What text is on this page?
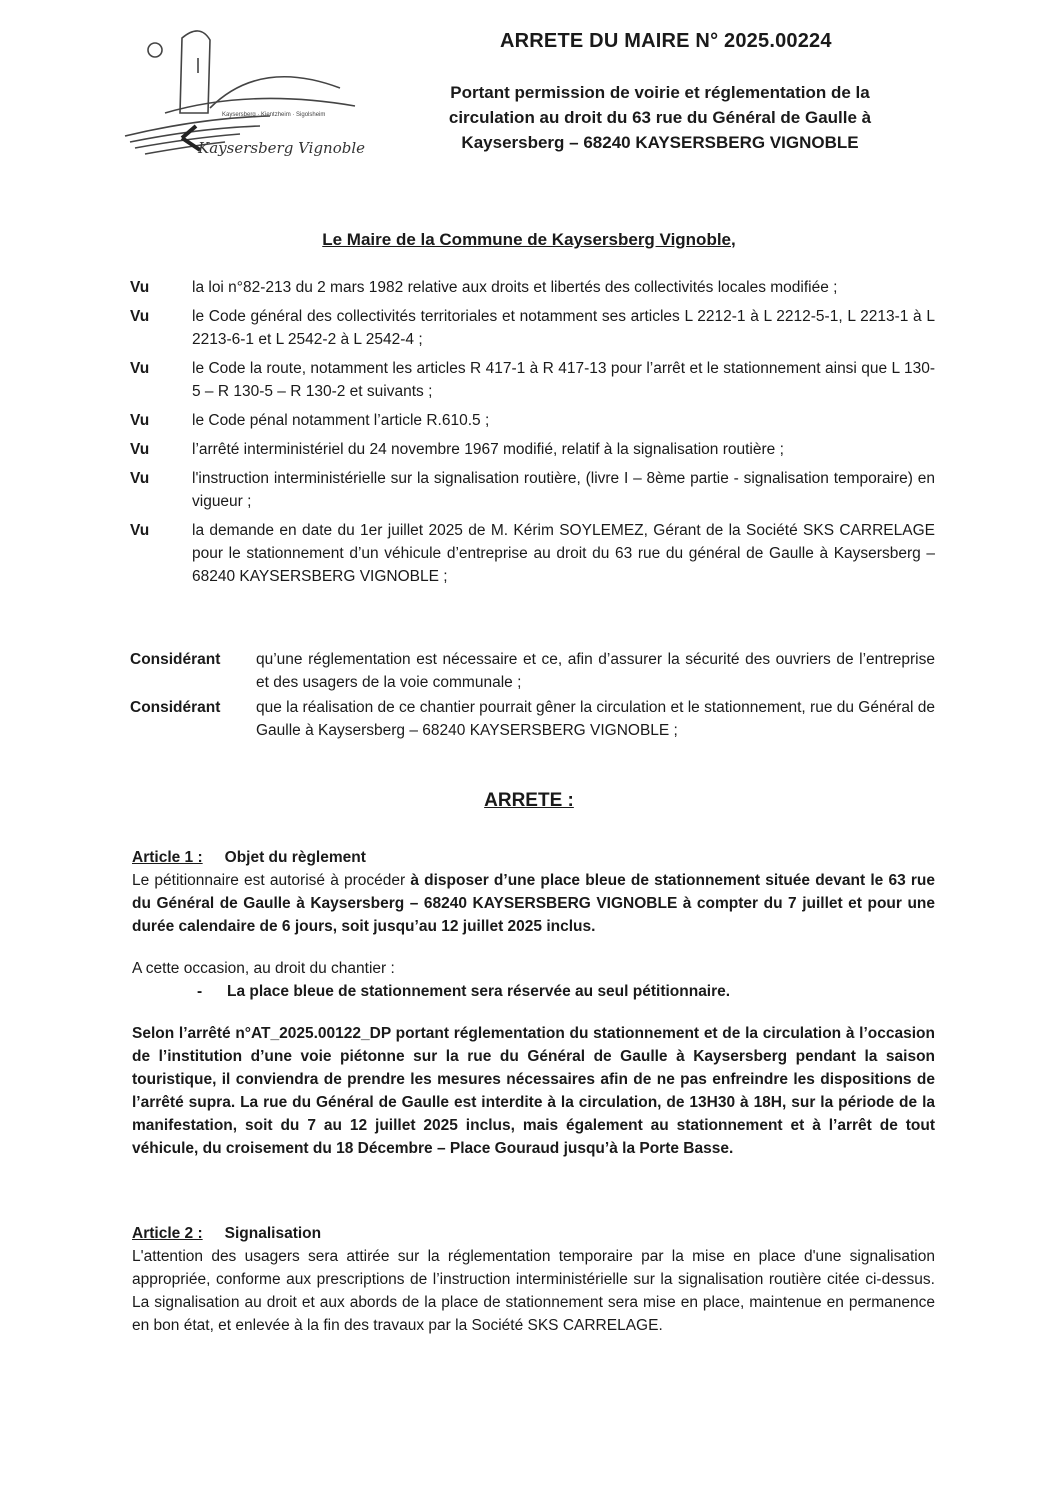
Kaysersberg · Kientzheim · Sigolsheim
Kaysersberg Vignoble
ARRETE DU MAIRE N° 2025.00224
Portant permission de voirie et réglementation de la
circulation au droit du 63 rue du Général de Gaulle à
Kaysersberg – 68240 KAYSERSBERG VIGNOBLE
Le Maire de la Commune de Kaysersberg Vignoble,
Vu	la loi n°82-213 du 2 mars 1982 relative aux droits et libertés des collectivités locales modifiée ;
Vu	le Code général des collectivités territoriales et notamment ses articles L 2212-1 à L 2212-5-1, L 2213-1 à L 2213-6-1 et L 2542-2 à L 2542-4 ;
Vu	le Code la route, notamment les articles R 417-1 à R 417-13 pour l’arrêt et le stationnement ainsi que L 130-5 – R 130-5 – R 130-2 et suivants ;
Vu	le Code pénal notamment l’article R.610.5 ;
Vu	l’arrêté interministériel du 24 novembre 1967 modifié, relatif à la signalisation routière ;
Vu	l'instruction interministérielle sur la signalisation routière, (livre I – 8ème partie - signalisation temporaire) en vigueur ;
Vu	la demande en date du 1er juillet 2025 de M. Kérim SOYLEMEZ, Gérant de la Société SKS CARRELAGE pour le stationnement d’un véhicule d’entreprise au droit du 63 rue du général de Gaulle à Kaysersberg – 68240 KAYSERSBERG VIGNOBLE ;
Considérant	qu’une réglementation est nécessaire et ce, afin d’assurer la sécurité des ouvriers de l’entreprise et des usagers de la voie communale ;
Considérant	que la réalisation de ce chantier pourrait gêner la circulation et le stationnement, rue du Général de Gaulle à Kaysersberg – 68240 KAYSERSBERG VIGNOBLE ;
ARRETE :
Article 1 : Objet du règlement
Le pétitionnaire est autorisé à procéder à disposer d’une place bleue de stationnement située devant le 63 rue du Général de Gaulle à Kaysersberg – 68240 KAYSERSBERG VIGNOBLE à compter du 7 juillet et pour une durée calendaire de 6 jours, soit jusqu’au 12 juillet 2025 inclus.
A cette occasion, au droit du chantier :
-	La place bleue de stationnement sera réservée au seul pétitionnaire.
Selon l’arrêté n°AT_2025.00122_DP portant réglementation du stationnement et de la circulation à l’occasion de l’institution d’une voie piétonne sur la rue du Général de Gaulle à Kaysersberg pendant la saison touristique, il conviendra de prendre les mesures nécessaires afin de ne pas enfreindre les dispositions de l’arrêté supra. La rue du Général de Gaulle est interdite à la circulation, de 13H30 à 18H, sur la période de la manifestation, soit du 7 au 12 juillet 2025 inclus, mais également au stationnement et à l’arrêt de tout véhicule, du croisement du 18 Décembre – Place Gouraud jusqu’à la Porte Basse.
Article 2 : Signalisation
L'attention des usagers sera attirée sur la réglementation temporaire par la mise en place d'une signalisation appropriée, conforme aux prescriptions de l’instruction interministérielle sur la signalisation routière citée ci-dessus. La signalisation au droit et aux abords de la place de stationnement sera mise en place, maintenue en permanence en bon état, et enlevée à la fin des travaux par la Société SKS CARRELAGE.
